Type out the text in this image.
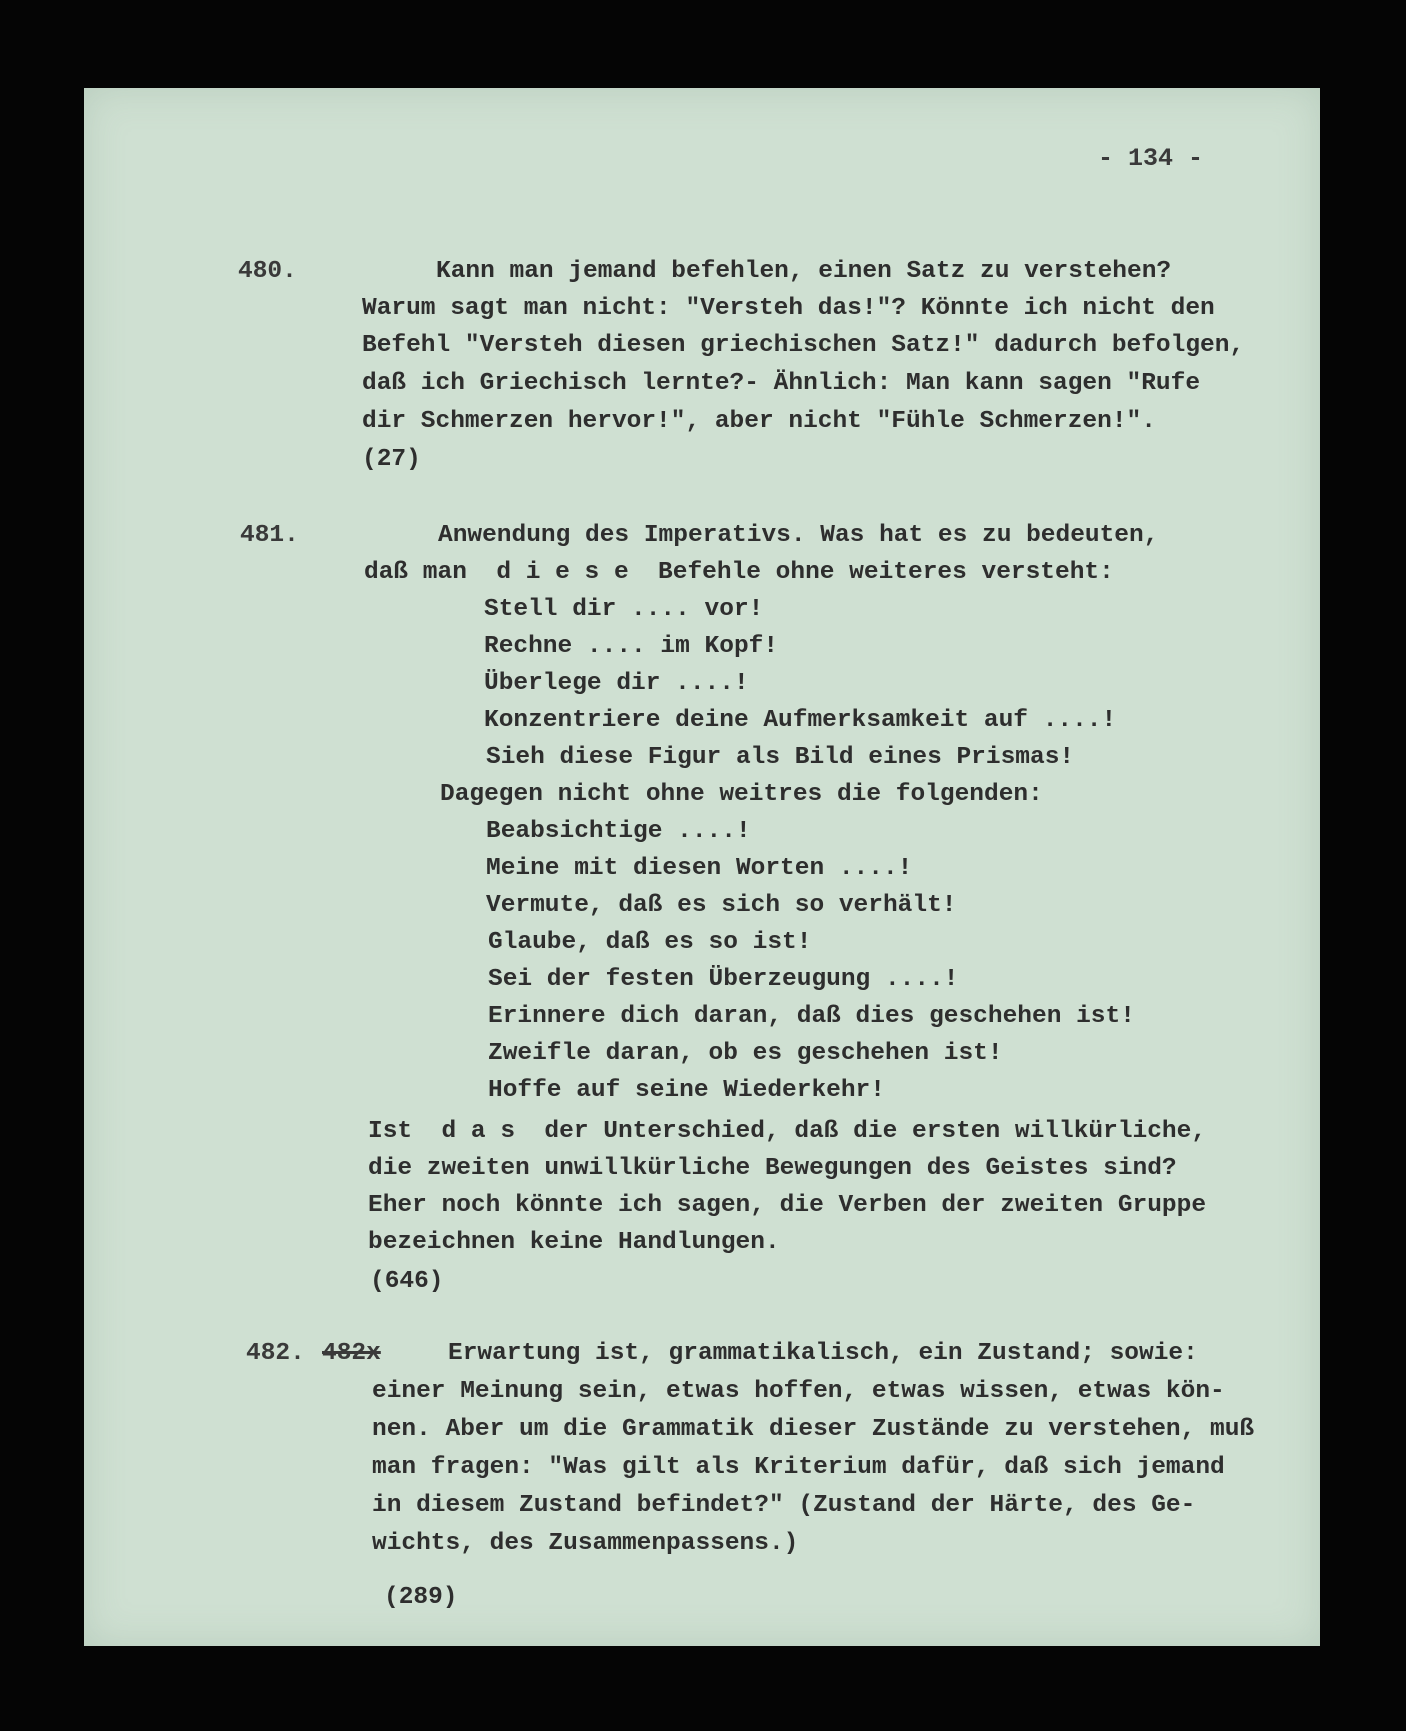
- 134 -

480.	Kann man jemand befehlen, einen Satz zu verstehen?

Warum sagt man nicht: "Versteh das!"? Könnte ich nicht den

Befehl "Versteh diesen griechischen Satz!" dadurch befolgen,

daß ich Griechisch lernte?- Ähnlich: Man kann sagen "Rufe

dir Schmerzen hervor!", aber nicht "Fühle Schmerzen!".

(27)

481.	Anwendung des Imperativs. Was hat es zu bedeuten,

daß man  d i e s e  Befehle ohne weiteres versteht:

Stell dir .... vor!

Rechne .... im Kopf!

Überlege dir ....!

Konzentriere deine Aufmerksamkeit auf ....!

Sieh diese Figur als Bild eines Prismas!

Dagegen nicht ohne weitres die folgenden:

Beabsichtige ....!

Meine mit diesen Worten ....!

Vermute, daß es sich so verhält!

Glaube, daß es so ist!

Sei der festen Überzeugung ....!

Erinnere dich daran, daß dies geschehen ist!

Zweifle daran, ob es geschehen ist!

Hoffe auf seine Wiederkehr!

Ist  d a s  der Unterschied, daß die ersten willkürliche,

die zweiten unwillkürliche Bewegungen des Geistes sind?

Eher noch könnte ich sagen, die Verben der zweiten Gruppe

bezeichnen keine Handlungen.

(646)

482. 482x	Erwartung ist, grammatikalisch, ein Zustand; sowie:

einer Meinung sein, etwas hoffen, etwas wissen, etwas kön-

nen. Aber um die Grammatik dieser Zustände zu verstehen, muß

man fragen: "Was gilt als Kriterium dafür, daß sich jemand

in diesem Zustand befindet?" (Zustand der Härte, des Ge-

wichts, des Zusammenpassens.)

(289)
